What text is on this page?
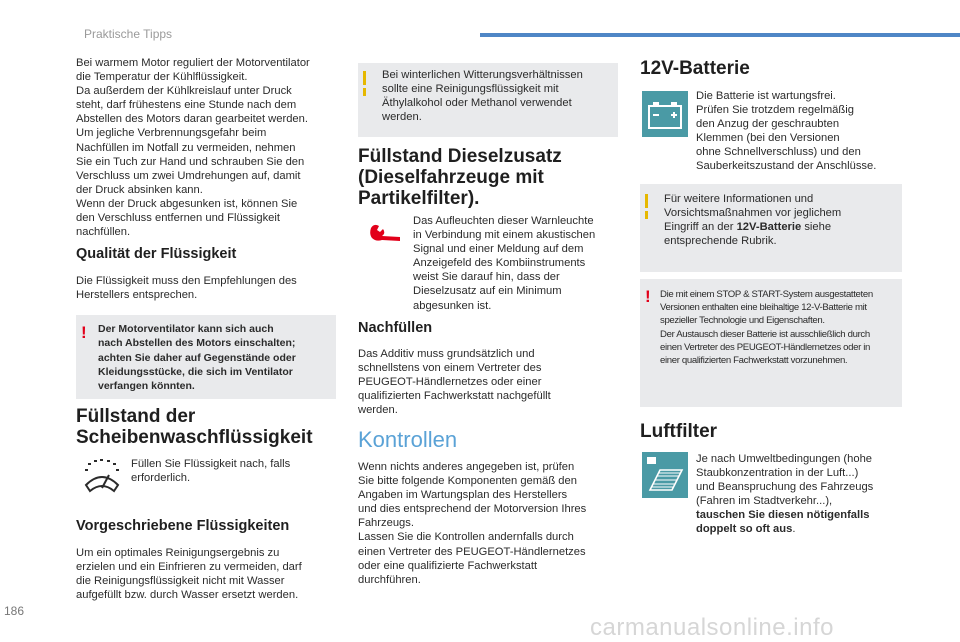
Praktische Tipps
Bei warmem Motor reguliert der Motorventilator
die Temperatur der Kühlflüssigkeit.
Da außerdem der Kühlkreislauf unter Druck
steht, darf frühestens eine Stunde nach dem
Abstellen des Motors daran gearbeitet werden.
Um jegliche Verbrennungsgefahr beim
Nachfüllen im Notfall zu vermeiden, nehmen
Sie ein Tuch zur Hand und schrauben Sie den
Verschluss um zwei Umdrehungen auf, damit
der Druck absinken kann.
Wenn der Druck abgesunken ist, können Sie
den Verschluss entfernen und Flüssigkeit
nachfüllen.
Qualität der Flüssigkeit
Die Flüssigkeit muss den Empfehlungen des
Herstellers entsprechen.
! Der Motorventilator kann sich auch
nach Abstellen des Motors einschalten;
achten Sie daher auf Gegenstände oder
Kleidungsstücke, die sich im Ventilator
verfangen könnten.
Füllstand der
Scheibenwaschflüssigkeit
Füllen Sie Flüssigkeit nach, falls
erforderlich.
Vorgeschriebene Flüssigkeiten
Um ein optimales Reinigungsergebnis zu
erzielen und ein Einfrieren zu vermeiden, darf
die Reinigungsflüssigkeit nicht mit Wasser
aufgefüllt bzw. durch Wasser ersetzt werden.
Bei winterlichen Witterungsverhältnissen
sollte eine Reinigungsflüssigkeit mit
Äthylalkohol oder Methanol verwendet
werden.
Füllstand Dieselzusatz
(Dieselfahrzeuge mit
Partikelfilter).
Das Aufleuchten dieser Warnleuchte
in Verbindung mit einem akustischen
Signal und einer Meldung auf dem
Anzeigefeld des Kombiinstruments
weist Sie darauf hin, dass der
Dieselzusatz auf ein Minimum
abgesunken ist.
Nachfüllen
Das Additiv muss grundsätzlich und
schnellstens von einem Vertreter des
PEUGEOT-Händlernetzes oder einer
qualifizierten Fachwerkstatt nachgefüllt
werden.
Kontrollen
Wenn nichts anderes angegeben ist, prüfen
Sie bitte folgende Komponenten gemäß den
Angaben im Wartungsplan des Herstellers
und dies entsprechend der Motorversion Ihres
Fahrzeugs.
Lassen Sie die Kontrollen andernfalls durch
einen Vertreter des PEUGEOT-Händlernetzes
oder eine qualifizierte Fachwerkstatt
durchführen.
12V-Batterie
Die Batterie ist wartungsfrei.
Prüfen Sie trotzdem regelmäßig
den Anzug der geschraubten
Klemmen (bei den Versionen
ohne Schnellverschluss) und den
Sauberkeitszustand der Anschlüsse.
Für weitere Informationen und
Vorsichtsmaßnahmen vor jeglichem
Eingriff an der 12V-Batterie siehe
entsprechende Rubrik.
! Die mit einem STOP & START-System ausgestatteten
Versionen enthalten eine bleihaltige 12-V-Batterie mit
spezieller Technologie und Eigenschaften.
Der Austausch dieser Batterie ist ausschließlich durch
einen Vertreter des PEUGEOT-Händlernetzes oder in
einer qualifizierten Fachwerkstatt vorzunehmen.
Luftfilter
Je nach Umweltbedingungen (hohe
Staubkonzentration in der Luft...)
und Beanspruchung des Fahrzeugs
(Fahren im Stadtverkehr...),
tauschen Sie diesen nötigenfalls
doppelt so oft aus.
186
carmanualsonline.info
